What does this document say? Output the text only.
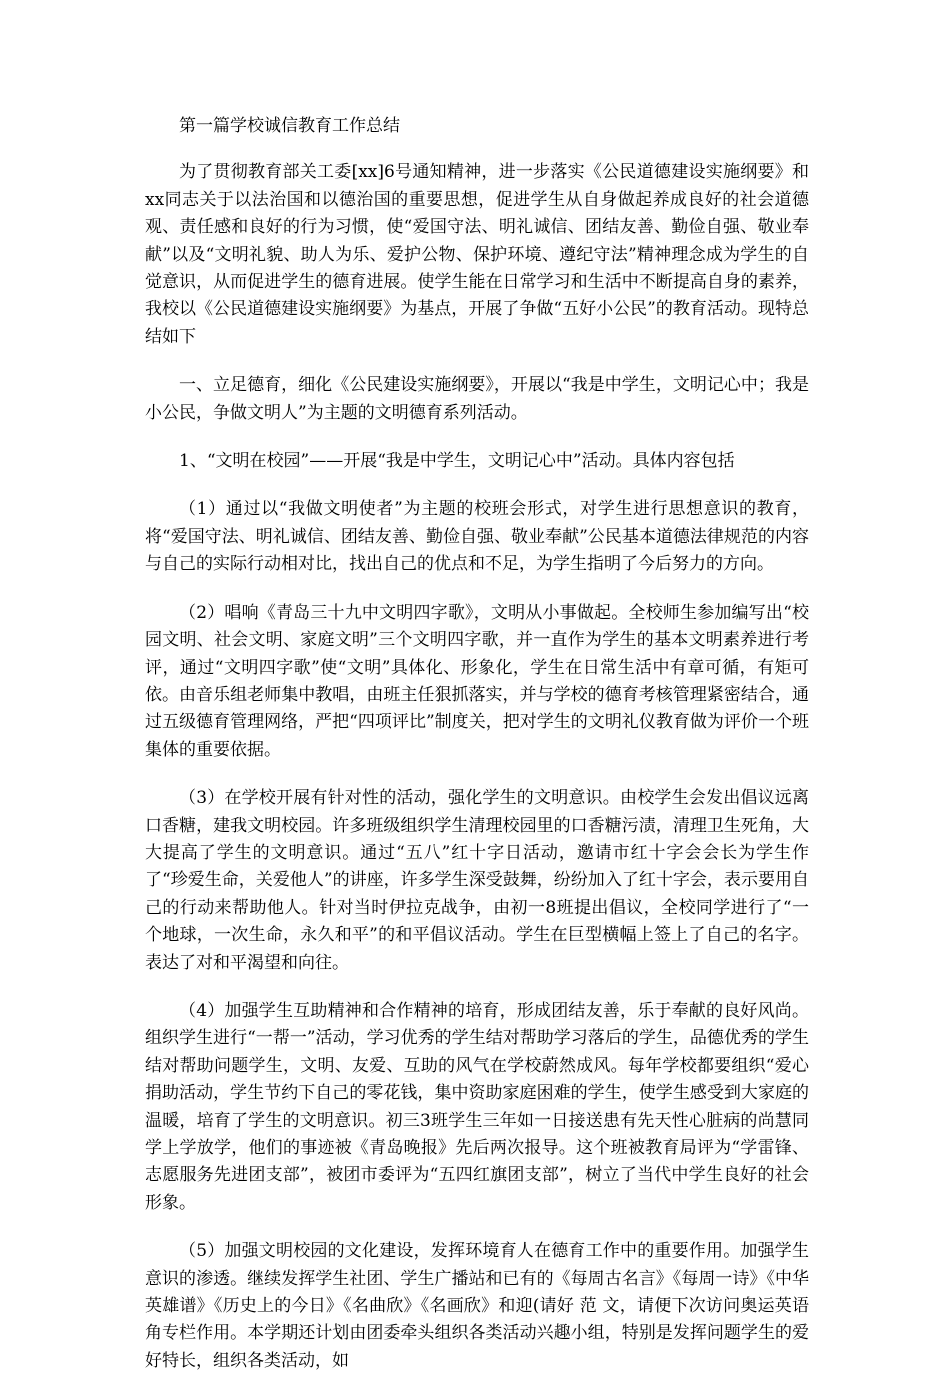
第一篇学校诚信教育工作总结

为了贯彻教育部关工委[xx]6号通知精神，进一步落实《公民道德建设实施纲要》和xx同志关于以法治国和以德治国的重要思想，促进学生从自身做起养成良好的社会道德观、责任感和良好的行为习惯，使“爱国守法、明礼诚信、团结友善、勤俭自强、敬业奉献”以及“文明礼貌、助人为乐、爱护公物、保护环境、遵纪守法”精神理念成为学生的自觉意识，从而促进学生的德育进展。使学生能在日常学习和生活中不断提高自身的素养，我校以《公民道德建设实施纲要》为基点，开展了争做“五好小公民”的教育活动。现特总结如下

一、立足德育，细化《公民建设实施纲要》，开展以“我是中学生，文明记心中；我是小公民，争做文明人”为主题的文明德育系列活动。

1、“文明在校园”——开展“我是中学生，文明记心中”活动。具体内容包括

（1）通过以“我做文明使者”为主题的校班会形式，对学生进行思想意识的教育，将“爱国守法、明礼诚信、团结友善、勤俭自强、敬业奉献”公民基本道德法律规范的内容与自己的实际行动相对比，找出自己的优点和不足，为学生指明了今后努力的方向。

（2）唱响《青岛三十九中文明四字歌》，文明从小事做起。全校师生参加编写出“校园文明、社会文明、家庭文明”三个文明四字歌，并一直作为学生的基本文明素养进行考评，通过“文明四字歌”使“文明”具体化、形象化，学生在日常生活中有章可循，有矩可依。由音乐组老师集中教唱，由班主任狠抓落实，并与学校的德育考核管理紧密结合，通过五级德育管理网络，严把“四项评比”制度关，把对学生的文明礼仪教育做为评价一个班集体的重要依据。

（3）在学校开展有针对性的活动，强化学生的文明意识。由校学生会发出倡议远离口香糖，建我文明校园。许多班级组织学生清理校园里的口香糖污渍，清理卫生死角，大大提高了学生的文明意识。通过“五八”红十字日活动，邀请市红十字会会长为学生作了“珍爱生命，关爱他人”的讲座，许多学生深受鼓舞，纷纷加入了红十字会，表示要用自己的行动来帮助他人。针对当时伊拉克战争，由初一8班提出倡议，全校同学进行了“一个地球，一次生命，永久和平”的和平倡议活动。学生在巨型横幅上签上了自己的名字。表达了对和平渴望和向往。

（4）加强学生互助精神和合作精神的培育，形成团结友善，乐于奉献的良好风尚。组织学生进行“一帮一”活动，学习优秀的学生结对帮助学习落后的学生，品德优秀的学生结对帮助问题学生，文明、友爱、互助的风气在学校蔚然成风。每年学校都要组织“爱心捐助活动，学生节约下自己的零花钱，集中资助家庭困难的学生，使学生感受到大家庭的温暖，培育了学生的文明意识。初三3班学生三年如一日接送患有先天性心脏病的尚慧同学上学放学，他们的事迹被《青岛晚报》先后两次报导。这个班被教育局评为“学雷锋、志愿服务先进团支部”，被团市委评为“五四红旗团支部”，树立了当代中学生良好的社会形象。

（5）加强文明校园的文化建设，发挥环境育人在德育工作中的重要作用。加强学生意识的渗透。继续发挥学生社团、学生广播站和已有的《每周古名言》《每周一诗》《中华英雄谱》《历史上的今日》《名曲欣》《名画欣》和迎(请好 范 文，请便下次访问奥运英语角专栏作用。本学期还计划由团委牵头组织各类活动兴趣小组，特别是发挥问题学生的爱好特长，组织各类活动，如
